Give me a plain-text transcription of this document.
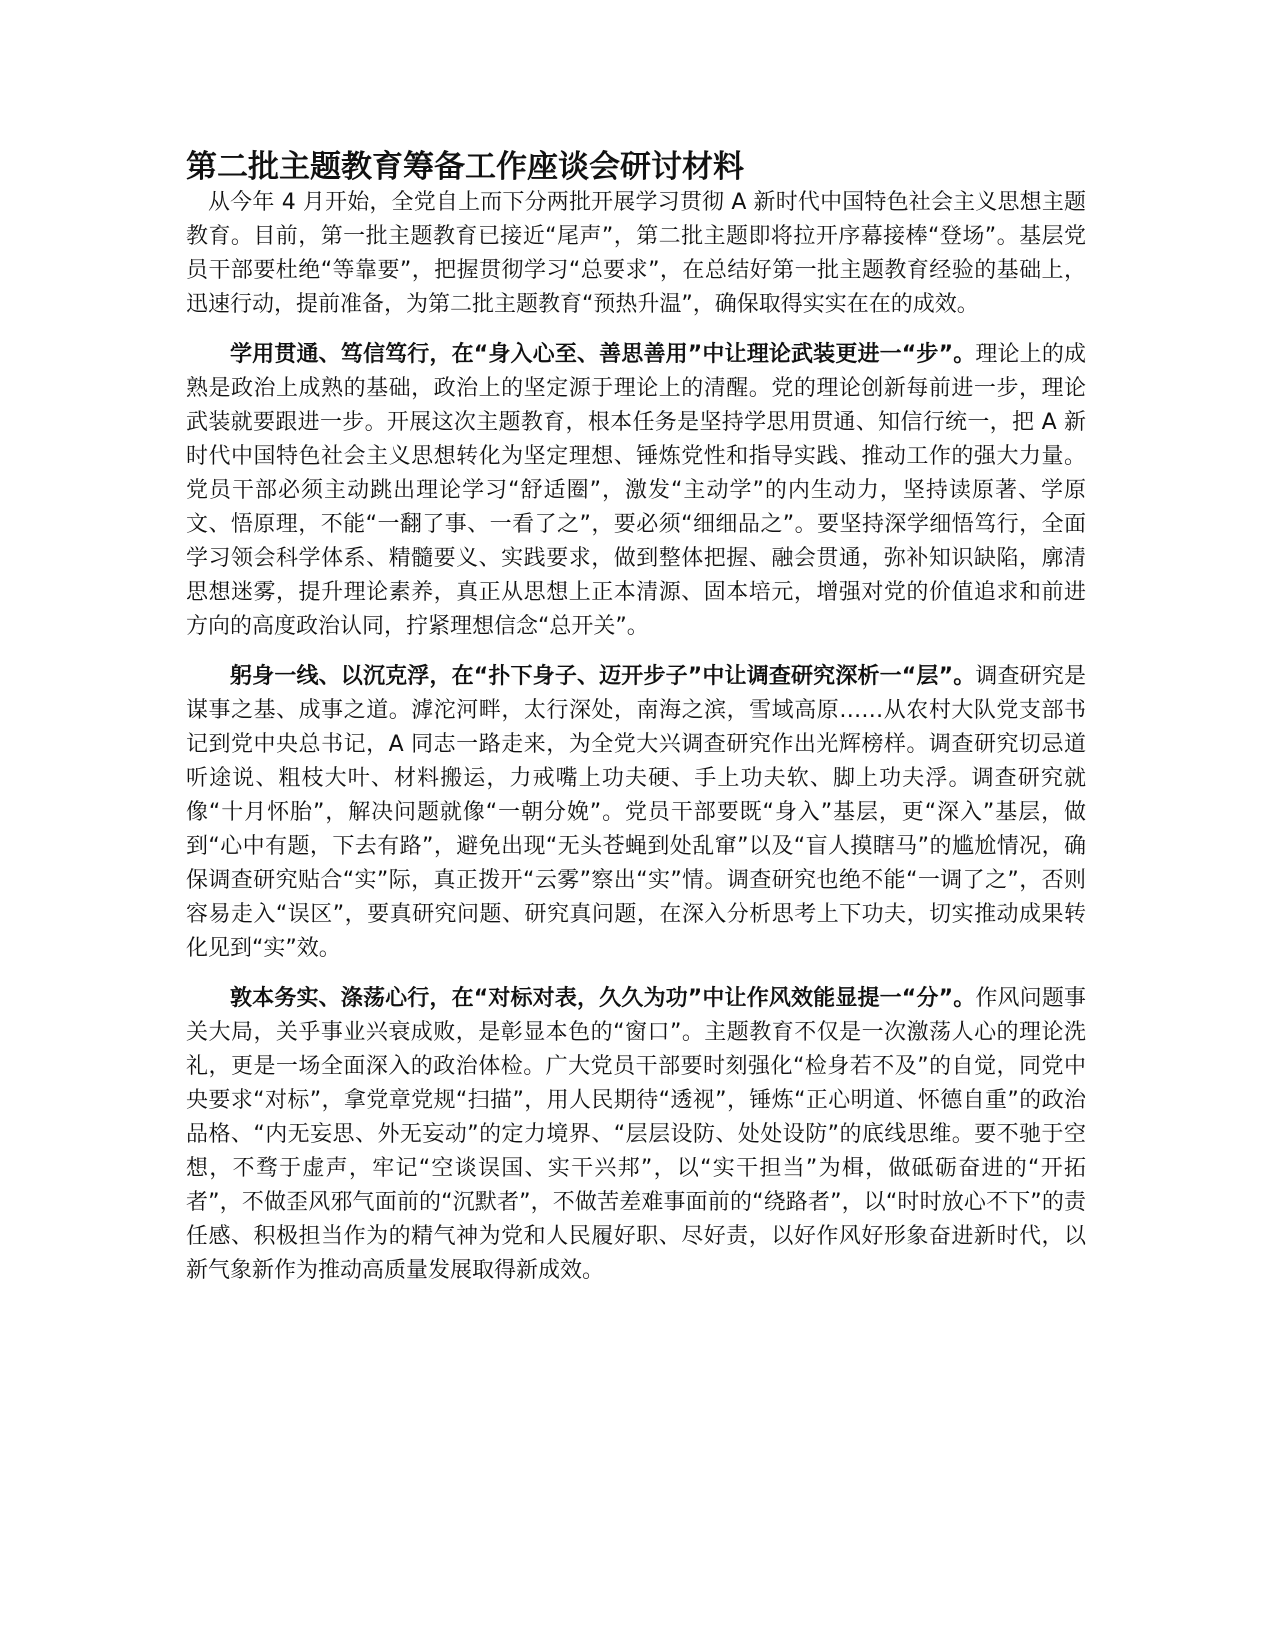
第二批主题教育筹备工作座谈会研讨材料

从今年 4 月开始，全党自上而下分两批开展学习贯彻 A 新时代中国特色社会主义思想主题教育。目前，第一批主题教育已接近“尾声”，第二批主题即将拉开序幕接棒“登场”。基层党员干部要杜绝“等靠要”，把握贯彻学习“总要求”，在总结好第一批主题教育经验的基础上，迅速行动，提前准备，为第二批主题教育“预热升温”，确保取得实实在在的成效。

学用贯通、笃信笃行，在“身入心至、善思善用”中让理论武装更进一“步”。理论上的成熟是政治上成熟的基础，政治上的坚定源于理论上的清醒。党的理论创新每前进一步，理论武装就要跟进一步。开展这次主题教育，根本任务是坚持学思用贯通、知信行统一，把 A 新时代中国特色社会主义思想转化为坚定理想、锤炼党性和指导实践、推动工作的强大力量。党员干部必须主动跳出理论学习“舒适圈”，激发“主动学”的内生动力，坚持读原著、学原文、悟原理，不能“一翻了事、一看了之”，要必须“细细品之”。要坚持深学细悟笃行，全面学习领会科学体系、精髓要义、实践要求，做到整体把握、融会贯通，弥补知识缺陷，廓清思想迷雾，提升理论素养，真正从思想上正本清源、固本培元，增强对党的价值追求和前进方向的高度政治认同，拧紧理想信念“总开关”。

躬身一线、以沉克浮，在“扑下身子、迈开步子”中让调查研究深析一“层”。调查研究是谋事之基、成事之道。滹沱河畔，太行深处，南海之滨，雪域高原……从农村大队党支部书记到党中央总书记，A 同志一路走来，为全党大兴调查研究作出光辉榜样。调查研究切忌道听途说、粗枝大叶、材料搬运，力戒嘴上功夫硬、手上功夫软、脚上功夫浮。调查研究就像“十月怀胎”，解决问题就像“一朝分娩”。党员干部要既“身入”基层，更“深入”基层，做到“心中有题，下去有路”，避免出现“无头苍蝇到处乱窜”以及“盲人摸瞎马”的尴尬情况，确保调查研究贴合“实”际，真正拨开“云雾”察出“实”情。调查研究也绝不能“一调了之”，否则容易走入“误区”，要真研究问题、研究真问题，在深入分析思考上下功夫，切实推动成果转化见到“实”效。

敦本务实、涤荡心行，在“对标对表，久久为功”中让作风效能显提一“分”。作风问题事关大局，关乎事业兴衰成败，是彰显本色的“窗口”。主题教育不仅是一次激荡人心的理论洗礼，更是一场全面深入的政治体检。广大党员干部要时刻强化“检身若不及”的自觉，同党中央要求“对标”，拿党章党规“扫描”，用人民期待“透视”，锤炼“正心明道、怀德自重”的政治品格、“内无妄思、外无妄动”的定力境界、“层层设防、处处设防”的底线思维。要不驰于空想，不骛于虚声，牢记“空谈误国、实干兴邦”，以“实干担当”为楫，做砥砺奋进的“开拓者”，不做歪风邪气面前的“沉默者”，不做苦差难事面前的“绕路者”，以“时时放心不下”的责任感、积极担当作为的精气神为党和人民履好职、尽好责，以好作风好形象奋进新时代，以新气象新作为推动高质量发展取得新成效。
